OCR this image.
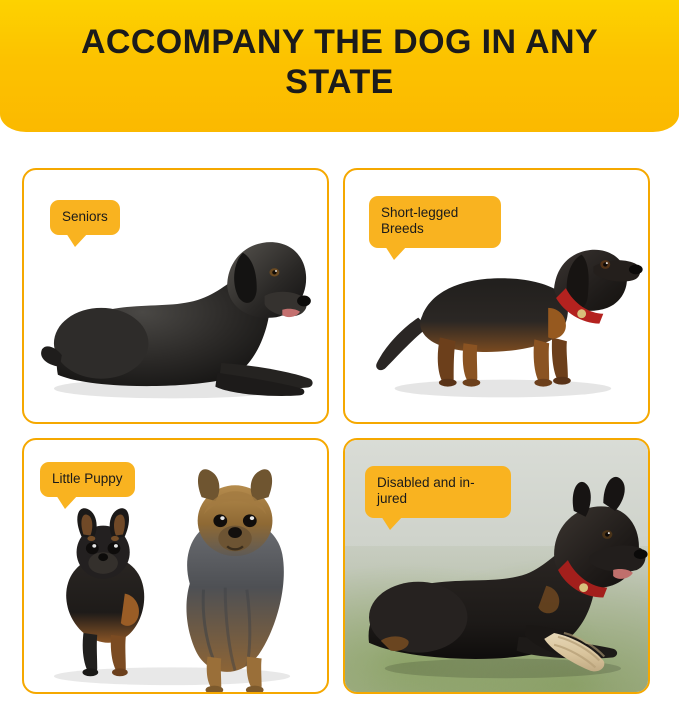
ACCOMPANY THE DOG IN ANY STATE
Seniors	Short-legged Breeds
Little Puppy	Disabled and in-jured
